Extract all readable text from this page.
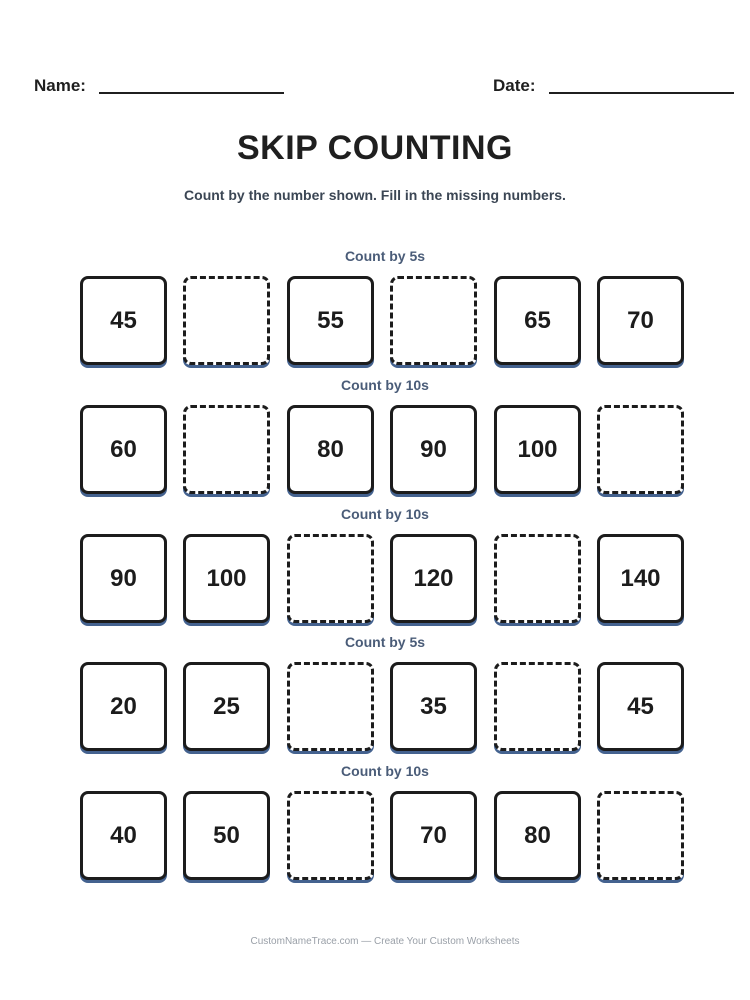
Name:	Date:
SKIP COUNTING
Count by the number shown. Fill in the missing numbers.
Count by 5s
45	55	65	70
Count by 10s
60	80	90	100
Count by 10s
90	100	120	140
Count by 5s
20	25	35	45
Count by 10s
40	50	70	80
CustomNameTrace.com — Create Your Custom Worksheets
